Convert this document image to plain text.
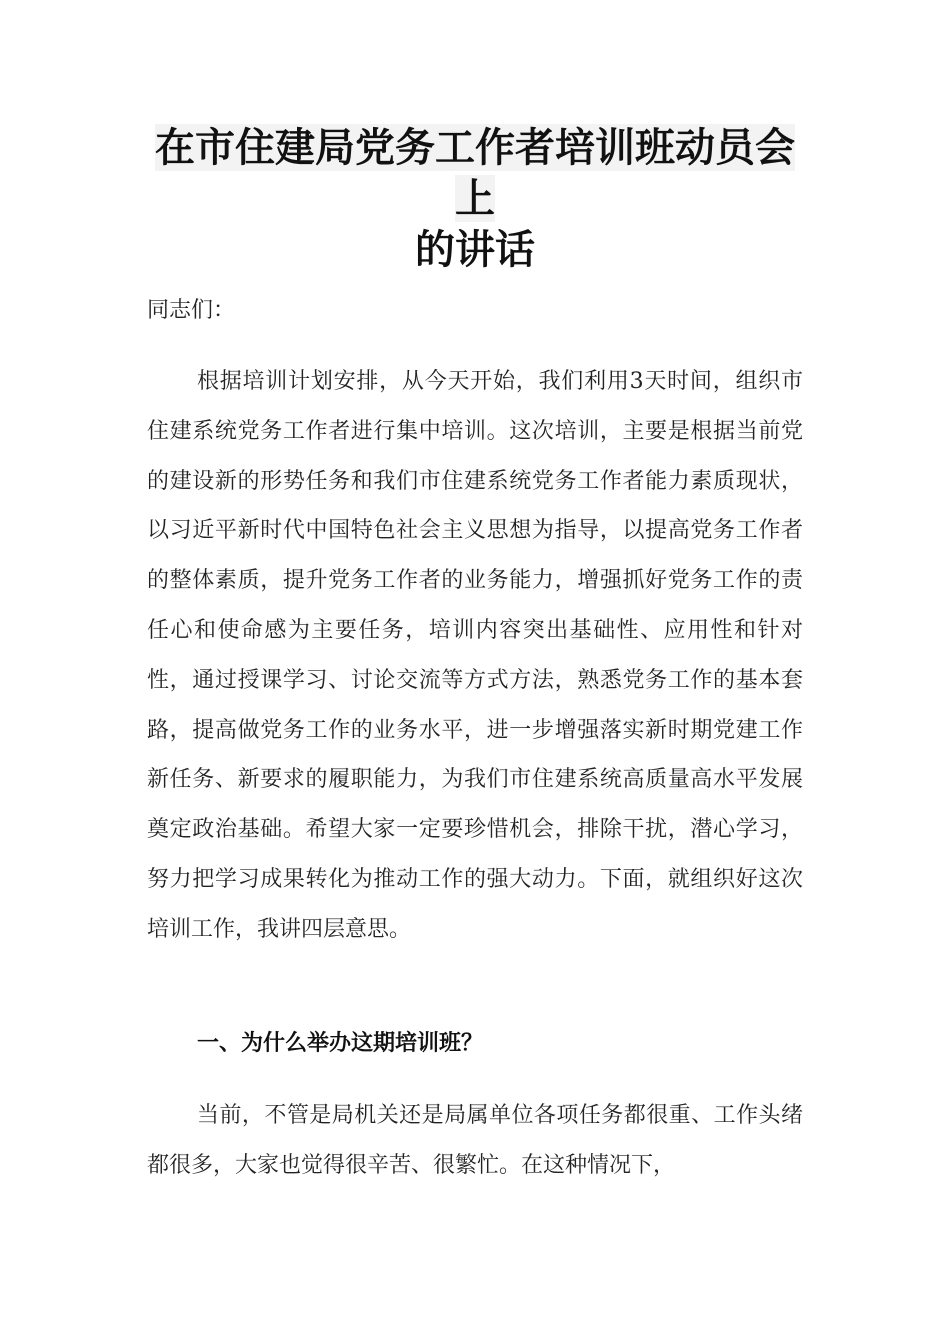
在市住建局党务工作者培训班动员会上
的讲话
同志们：

根据培训计划安排，从今天开始，我们利用3天时间，组织市住建系统党务工作者进行集中培训。这次培训，主要是根据当前党的建设新的形势任务和我们市住建系统党务工作者能力素质现状，以习近平新时代中国特色社会主义思想为指导，以提高党务工作者的整体素质，提升党务工作者的业务能力，增强抓好党务工作的责任心和使命感为主要任务，培训内容突出基础性、应用性和针对性，通过授课学习、讨论交流等方式方法，熟悉党务工作的基本套路，提高做党务工作的业务水平，进一步增强落实新时期党建工作新任务、新要求的履职能力，为我们市住建系统高质量高水平发展奠定政治基础。希望大家一定要珍惜机会，排除干扰，潜心学习，努力把学习成果转化为推动工作的强大动力。下面，就组织好这次培训工作，我讲四层意思。

一、为什么举办这期培训班？

当前，不管是局机关还是局属单位各项任务都很重、工作头绪都很多，大家也觉得很辛苦、很繁忙。在这种情况下，
